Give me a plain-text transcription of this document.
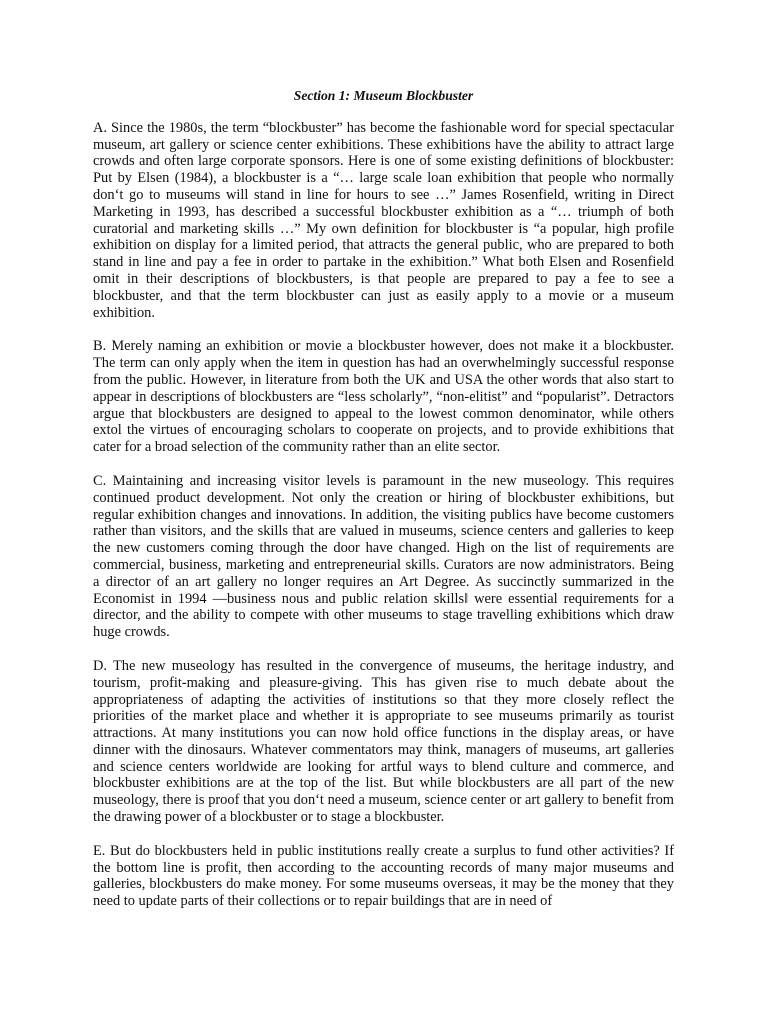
Section 1: Museum Blockbuster

A. Since the 1980s, the term “blockbuster” has become the fashionable word for special spectacular museum, art gallery or science center exhibitions. These exhibitions have the ability to attract large crowds and often large corporate sponsors. Here is one of some existing definitions of blockbuster: Put by Elsen (1984), a blockbuster is a “… large scale loan exhibition that people who normally don‘t go to museums will stand in line for hours to see …” James Rosenfield, writing in Direct Marketing in 1993, has described a successful blockbuster exhibition as a “… triumph of both curatorial and marketing skills …” My own definition for blockbuster is “a popular, high profile exhibition on display for a limited period, that attracts the general public, who are prepared to both stand in line and pay a fee in order to partake in the exhibition.” What both Elsen and Rosenfield omit in their descriptions of blockbusters, is that people are prepared to pay a fee to see a blockbuster, and that the term blockbuster can just as easily apply to a movie or a museum exhibition.

B. Merely naming an exhibition or movie a blockbuster however, does not make it a blockbuster. The term can only apply when the item in question has had an overwhelmingly successful response from the public. However, in literature from both the UK and USA the other words that also start to appear in descriptions of blockbusters are “less scholarly”, “non-elitist” and “popularist”. Detractors argue that blockbusters are designed to appeal to the lowest common denominator, while others extol the virtues of encouraging scholars to cooperate on projects, and to provide exhibitions that cater for a broad selection of the community rather than an elite sector.

C. Maintaining and increasing visitor levels is paramount in the new museology. This requires continued product development. Not only the creation or hiring of blockbuster exhibitions, but regular exhibition changes and innovations. In addition, the visiting publics have become customers rather than visitors, and the skills that are valued in museums, science centers and galleries to keep the new customers coming through the door have changed. High on the list of requirements are commercial, business, marketing and entrepreneurial skills. Curators are now administrators. Being a director of an art gallery no longer requires an Art Degree. As succinctly summarized in the Economist in 1994 ―business nous and public relation skills‖ were essential requirements for a director, and the ability to compete with other museums to stage travelling exhibitions which draw huge crowds.

D. The new museology has resulted in the convergence of museums, the heritage industry, and tourism, profit-making and pleasure-giving. This has given rise to much debate about the appropriateness of adapting the activities of institutions so that they more closely reflect the priorities of the market place and whether it is appropriate to see museums primarily as tourist attractions. At many institutions you can now hold office functions in the display areas, or have dinner with the dinosaurs. Whatever commentators may think, managers of museums, art galleries and science centers worldwide are looking for artful ways to blend culture and commerce, and blockbuster exhibitions are at the top of the list. But while blockbusters are all part of the new museology, there is proof that you don‘t need a museum, science center or art gallery to benefit from the drawing power of a blockbuster or to stage a blockbuster.

E. But do blockbusters held in public institutions really create a surplus to fund other activities? If the bottom line is profit, then according to the accounting records of many major museums and galleries, blockbusters do make money. For some museums overseas, it may be the money that they need to update parts of their collections or to repair buildings that are in need of
